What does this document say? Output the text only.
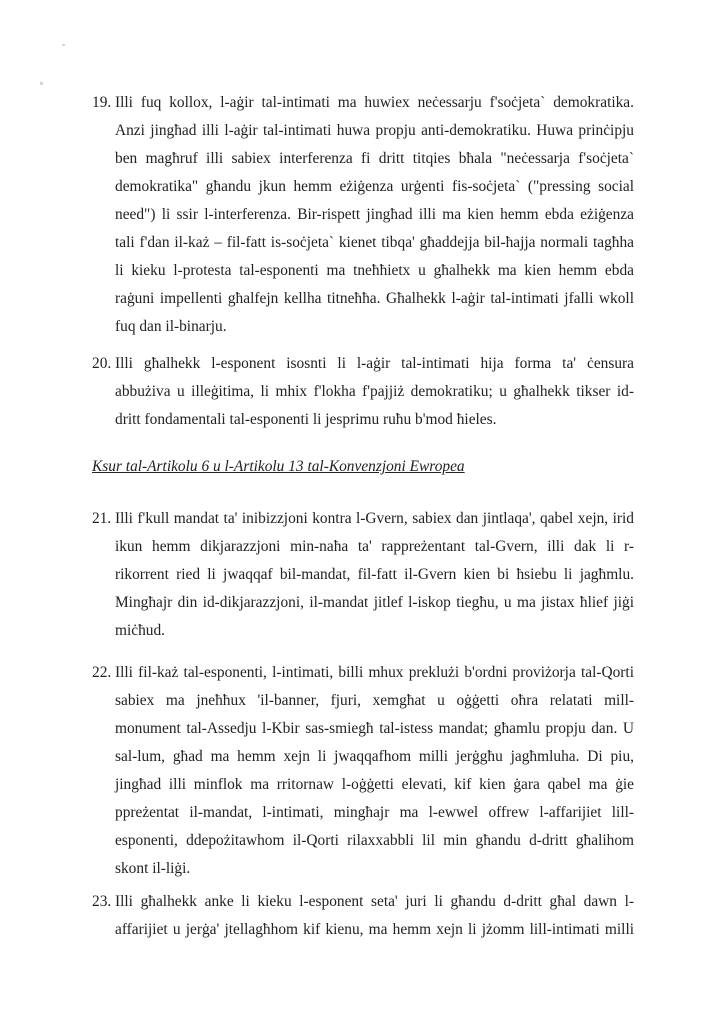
19. Illi fuq kollox, l-aġir tal-intimati ma huwiex neċessarju f'soċjeta` demokratika.
Anzi jingħad illi l-aġir tal-intimati huwa propju anti-demokratiku. Huwa prinċipju
ben magħruf illi sabiex interferenza fi dritt titqies bħala "neċessarja f'soċjeta`
demokratika" għandu jkun hemm eżiġenza urġenti fis-soċjeta` ("pressing social
need") li ssir l-interferenza. Bir-rispett jingħad illi ma kien hemm ebda eżiġenza
tali f'dan il-każ – fil-fatt is-soċjeta` kienet tibqa' għaddejja bil-ħajja normali tagħha
li kieku l-protesta tal-esponenti ma tneħħietx u għalhekk ma kien hemm ebda
raġuni impellenti għalfejn kellha titneħħa. Għalhekk l-aġir tal-intimati jfalli wkoll
fuq dan il-binarju.
20. Illi għalhekk l-esponent isosnti li l-aġir tal-intimati hija forma ta' ċensura
abbużiva u illeġitima, li mhix f'lokha f'pajjiż demokratiku; u għalhekk tikser id-
dritt fondamentali tal-esponenti li jesprimu ruħu b'mod ħieles.
Ksur tal-Artikolu 6 u l-Artikolu 13 tal-Konvenzjoni Ewropea
21. Illi f'kull mandat ta' inibizzjoni kontra l-Gvern, sabiex dan jintlaqa', qabel xejn, irid
ikun hemm dikjarazzjoni min-naħa ta' rappreżentant tal-Gvern, illi dak li r-
rikorrent ried li jwaqqaf bil-mandat, fil-fatt il-Gvern kien bi ħsiebu li jagħmlu.
Mingħajr din id-dikjarazzjoni, il-mandat jitlef l-iskop tiegħu, u ma jistax ħlief jiġi
miċħud.
22. Illi fil-każ tal-esponenti, l-intimati, billi mhux preklużi b'ordni proviżorja tal-Qorti
sabiex ma jneħħux 'il-banner, fjuri, xemgħat u oġġetti oħra relatati mill-
monument tal-Assedju l-Kbir sas-smiegħ tal-istess mandat; għamlu propju dan. U
sal-lum, għad ma hemm xejn li jwaqqafhom milli jerġgħu jagħmluha. Di piu,
jingħad illi minflok ma rritornaw l-oġġetti elevati, kif kien ġara qabel ma ġie
ppreżentat il-mandat, l-intimati, mingħajr ma l-ewwel offrew l-affarijiet lill-
esponenti, ddepożitawhom il-Qorti rilaxxabbli lil min għandu d-dritt għalihom
skont il-liġi.
23. Illi għalhekk anke li kieku l-esponent seta' juri li għandu d-dritt għal dawn l-
affarijiet u jerġa' jtellagħhom kif kienu, ma hemm xejn li jżomm lill-intimati milli
